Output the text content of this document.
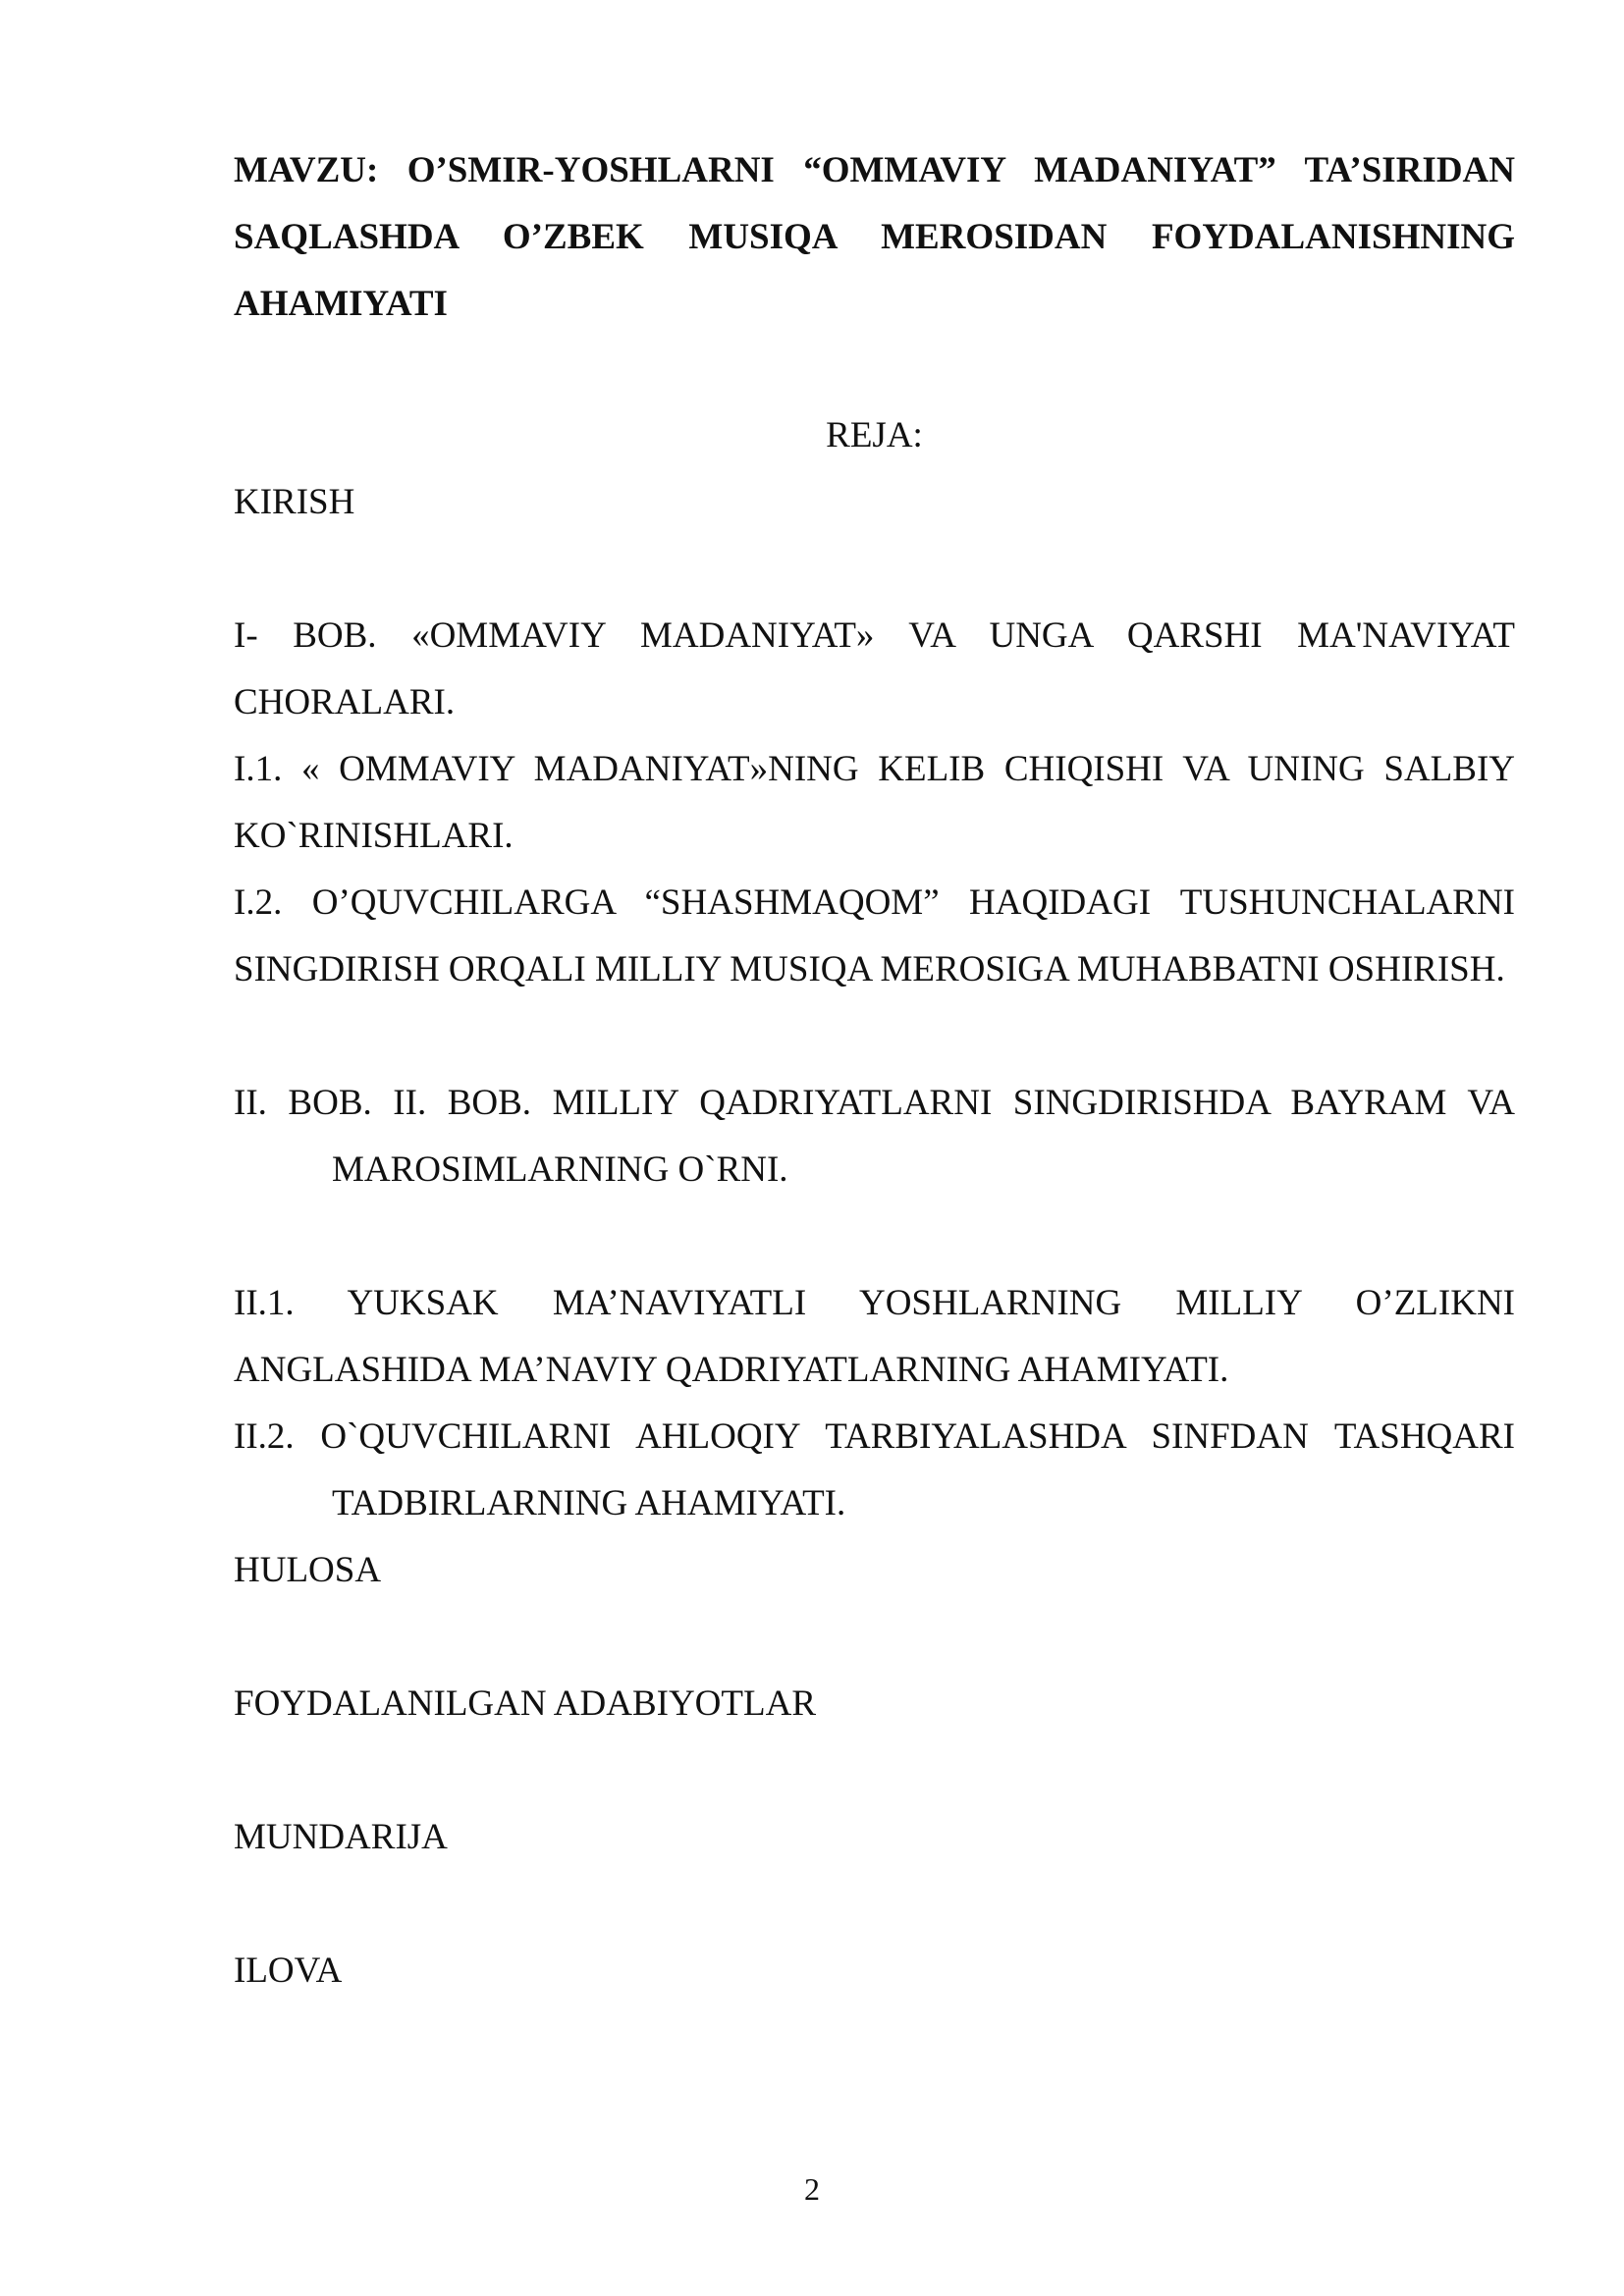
MAVZU: O’SMIR-YOSHLARNI “OMMAVIY MADANIYAT” TA’SIRIDAN SAQLASHDA O’ZBEK MUSIQA MEROSIDAN FOYDALANISHNING AHAMIYATI

REJA:

KIRISH

I- BOB. «OMMAVIY MADANIYAT» VA UNGA QARSHI MA'NAVIYAT CHORALARI.

I.1. « OMMAVIY MADANIYAT»NING KELIB CHIQISHI VA UNING SALBIY KO`RINISHLARI.

I.2. O’QUVCHILARGA “SHASHMAQOM” HAQIDAGI TUSHUNCHALARNI SINGDIRISH ORQALI MILLIY MUSIQA MEROSIGA MUHABBATNI OSHIRISH.

II. BOB. II. BOB. MILLIY QADRIYATLARNI SINGDIRISHDA BAYRAM VA MAROSIMLARNING O`RNI.

II.1. YUKSAK MA’NAVIYATLI YOSHLARNING MILLIY O’ZLIKNI ANGLASHIDA MA’NAVIY QADRIYATLARNING AHAMIYATI.

II.2. O`QUVCHILARNI AHLOQIY TARBIYALASHDA SINFDAN TASHQARI TADBIRLARNING AHAMIYATI.

HULOSA

FOYDALANILGAN ADABIYOTLAR

MUNDARIJA

ILOVA

2
